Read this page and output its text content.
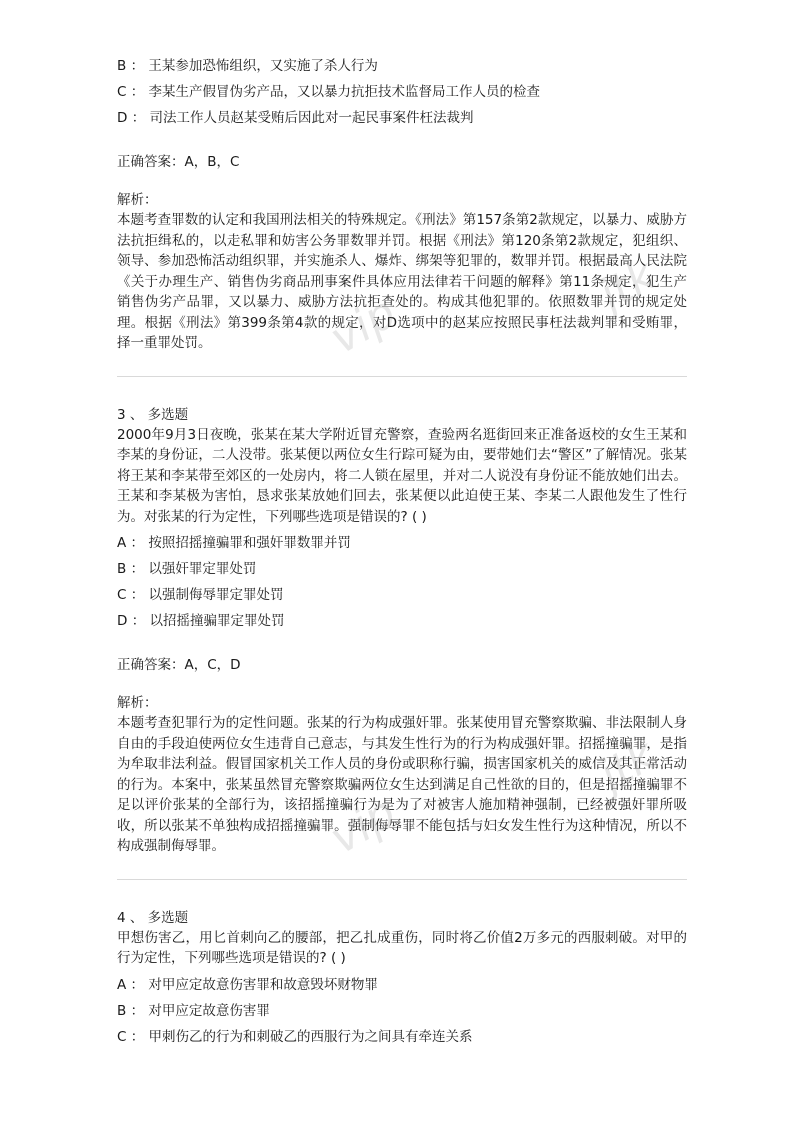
B ： 王某参加恐怖组织，又实施了杀人行为
C ： 李某生产假冒伪劣产品，又以暴力抗拒技术监督局工作人员的检查
D ： 司法工作人员赵某受贿后因此对一起民事案件枉法裁判
正确答案：A，B，C
解析：

本题考查罪数的认定和我国刑法相关的特殊规定。《刑法》第157条第2款规定，以暴力、威胁方法抗拒缉私的，以走私罪和妨害公务罪数罪并罚。根据《刑法》第120条第2款规定，犯组织、领导、参加恐怖活动组织罪，并实施杀人、爆炸、绑架等犯罪的，数罪并罚。根据最高人民法院《关于办理生产、销售伪劣商品刑事案件具体应用法律若干问题的解释》第11条规定，犯生产销售伪劣产品罪，又以暴力、威胁方法抗拒查处的。构成其他犯罪的。依照数罪并罚的规定处理。根据《刑法》第399条第4款的规定，对D选项中的赵某应按照民事枉法裁判罪和受贿罪，择一重罪处罚。

3 、 多选题

2000年9月3日夜晚，张某在某大学附近冒充警察，查验两名逛街回来正准备返校的女生王某和李某的身份证，二人没带。张某便以两位女生行踪可疑为由，要带她们去“警区”了解情况。张某将王某和李某带至郊区的一处房内，将二人锁在屋里，并对二人说没有身份证不能放她们出去。王某和李某极为害怕，恳求张某放她们回去，张某便以此迫使王某、李某二人跟他发生了性行为。对张某的行为定性，下列哪些选项是错误的? ( )

A ： 按照招摇撞骗罪和强奸罪数罪并罚
B ： 以强奸罪定罪处罚
C ： 以强制侮辱罪定罪处罚
D ： 以招摇撞骗罪定罪处罚
正确答案：A，C，D
解析：

本题考查犯罪行为的定性问题。张某的行为构成强奸罪。张某使用冒充警察欺骗、非法限制人身自由的手段迫使两位女生违背自己意志，与其发生性行为的行为构成强奸罪。招摇撞骗罪，是指为牟取非法利益。假冒国家机关工作人员的身份或职称行骗，损害国家机关的威信及其正常活动的行为。本案中，张某虽然冒充警察欺骗两位女生达到满足自己性欲的目的，但是招摇撞骗罪不足以评价张某的全部行为，该招摇撞骗行为是为了对被害人施加精神强制，已经被强奸罪所吸收，所以张某不单独构成招摇撞骗罪。强制侮辱罪不能包括与妇女发生性行为这种情况，所以不构成强制侮辱罪。

4 、 多选题

甲想伤害乙，用匕首刺向乙的腰部，把乙扎成重伤，同时将乙价值2万多元的西服刺破。对甲的行为定性，下列哪些选项是错误的? ( )

A ： 对甲应定故意伤害罪和故意毁坏财物罪
B ： 对甲应定故意伤害罪
C ： 甲刺伤乙的行为和刺破乙的西服行为之间具有牵连关系
jtk
vip
jtk
vip
